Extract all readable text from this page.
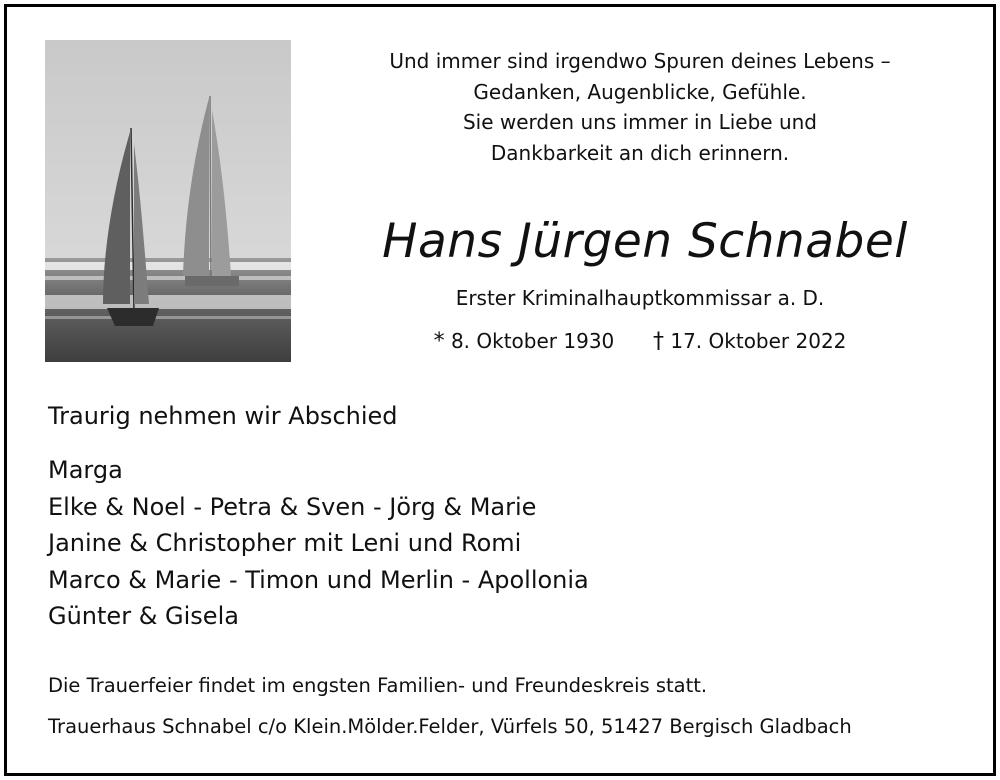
Und immer sind irgendwo Spuren deines Lebens –
Gedanken, Augenblicke, Gefühle.
Sie werden uns immer in Liebe und
Dankbarkeit an dich erinnern.
Hans Jürgen Schnabel
Erster Kriminalhauptkommissar a. D.
* 8. Oktober 1930 † 17. Oktober 2022
Traurig nehmen wir Abschied
Marga
Elke & Noel - Petra & Sven - Jörg & Marie
Janine & Christopher mit Leni und Romi
Marco & Marie - Timon und Merlin - Apollonia
Günter & Gisela
Die Trauerfeier findet im engsten Familien- und Freundeskreis statt.
Trauerhaus Schnabel c/o Klein.Mölder.Felder, Vürfels 50, 51427 Bergisch Gladbach
